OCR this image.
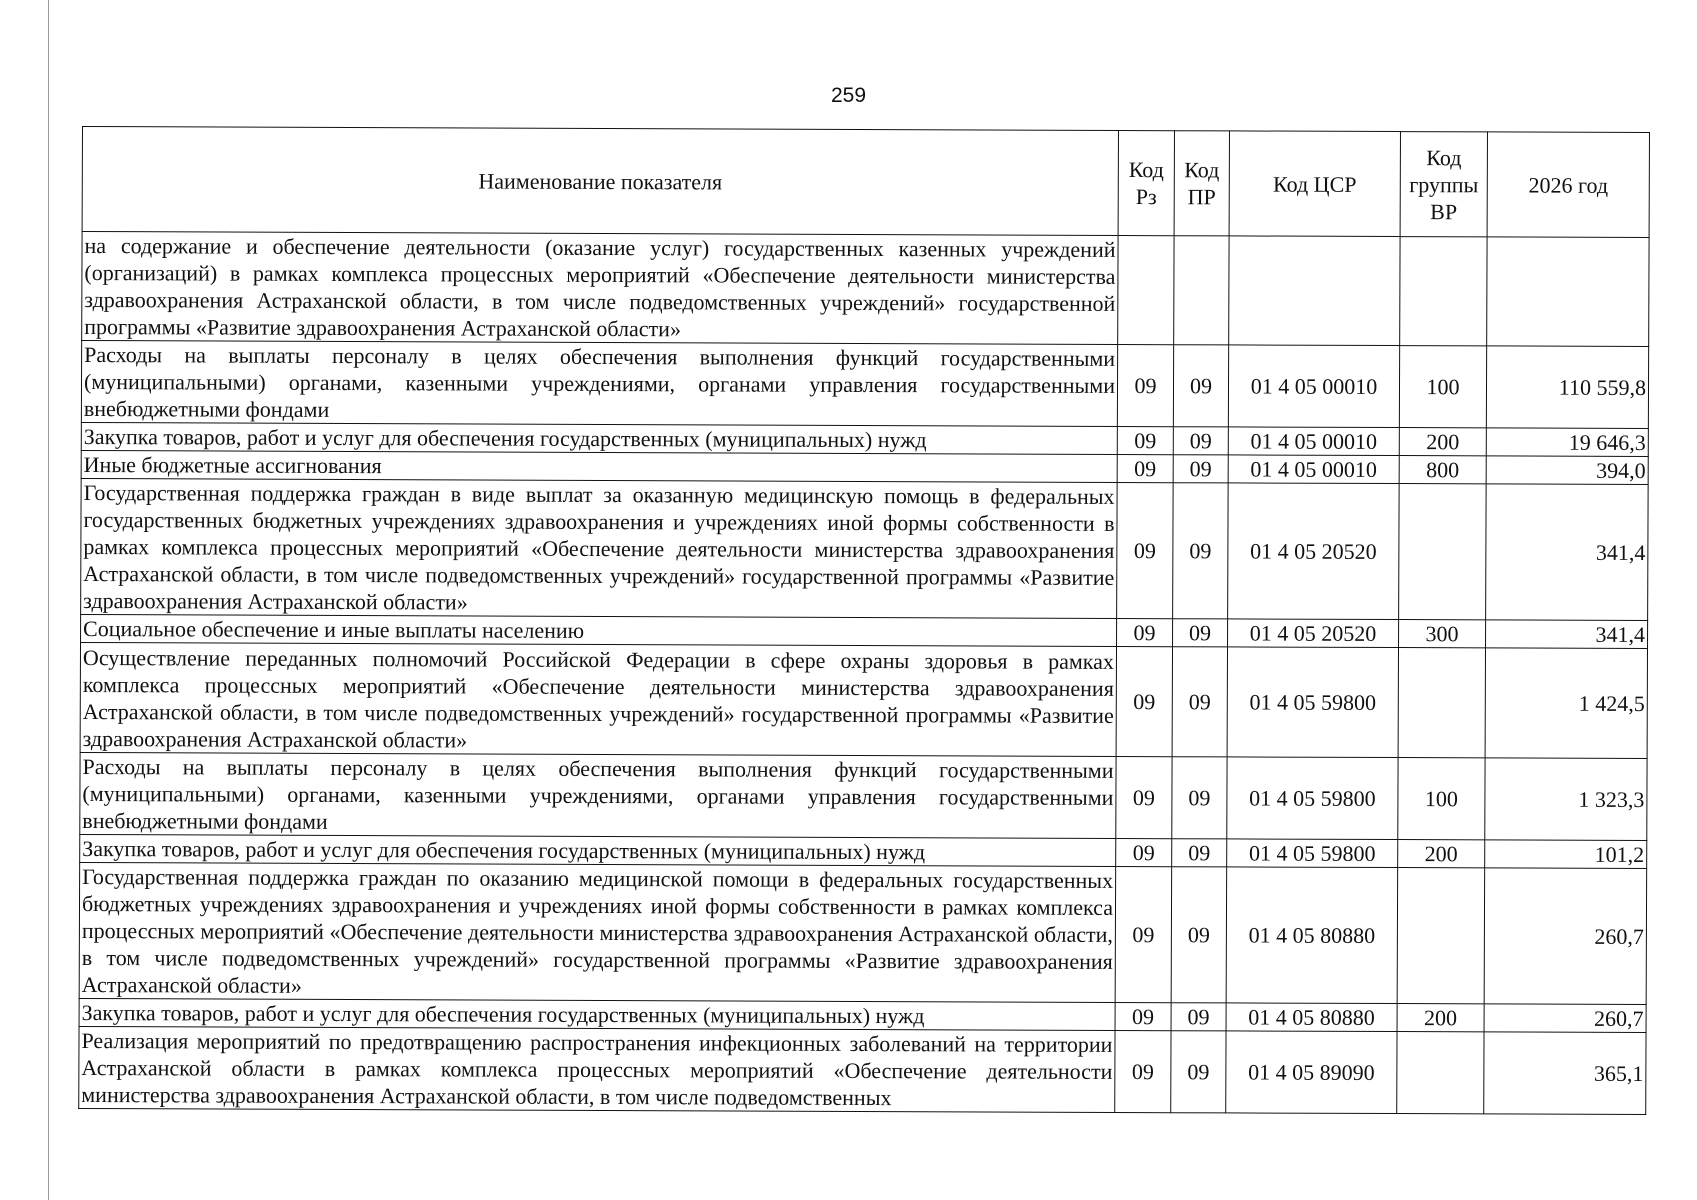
259
Наименование показателя	Код Рз	Код ПР	Код ЦСР	Код группы ВР	2026 год
на содержание и обеспечение деятельности (оказание услуг) государственных казенных учреждений (организаций) в рамках комплекса процессных мероприятий «Обеспечение деятельности министерства здравоохранения Астраханской области, в том числе подведомственных учреждений» государственной программы «Развитие здравоохранения Астраханской области»					
Расходы на выплаты персоналу в целях обеспечения выполнения функций государственными (муниципальными) органами, казенными учреждениями, органами управления государственными внебюджетными фондами	09	09	01 4 05 00010	100	110 559,8
Закупка товаров, работ и услуг для обеспечения государственных (муниципальных) нужд	09	09	01 4 05 00010	200	19 646,3
Иные бюджетные ассигнования	09	09	01 4 05 00010	800	394,0
Государственная поддержка граждан в виде выплат за оказанную медицинскую помощь в федеральных государственных бюджетных учреждениях здравоохранения и учреждениях иной формы собственности в рамках комплекса процессных мероприятий «Обеспечение деятельности министерства здравоохранения Астраханской области, в том числе подведомственных учреждений» государственной программы «Развитие здравоохранения Астраханской области»	09	09	01 4 05 20520		341,4
Социальное обеспечение и иные выплаты населению	09	09	01 4 05 20520	300	341,4
Осуществление переданных полномочий Российской Федерации в сфере охраны здоровья в рамках комплекса процессных мероприятий «Обеспечение деятельности министерства здравоохранения Астраханской области, в том числе подведомственных учреждений» государственной программы «Развитие здравоохранения Астраханской области»	09	09	01 4 05 59800		1 424,5
Расходы на выплаты персоналу в целях обеспечения выполнения функций государственными (муниципальными) органами, казенными учреждениями, органами управления государственными внебюджетными фондами	09	09	01 4 05 59800	100	1 323,3
Закупка товаров, работ и услуг для обеспечения государственных (муниципальных) нужд	09	09	01 4 05 59800	200	101,2
Государственная поддержка граждан по оказанию медицинской помощи в федеральных государственных бюджетных учреждениях здравоохранения и учреждениях иной формы собственности в рамках комплекса процессных мероприятий «Обеспечение деятельности министерства здравоохранения Астраханской области, в том числе подведомственных учреждений» государственной программы «Развитие здравоохранения Астраханской области»	09	09	01 4 05 80880		260,7
Закупка товаров, работ и услуг для обеспечения государственных (муниципальных) нужд	09	09	01 4 05 80880	200	260,7
Реализация мероприятий по предотвращению распространения инфекционных заболеваний на территории Астраханской области в рамках комплекса процессных мероприятий «Обеспечение деятельности министерства здравоохранения Астраханской области, в том числе подведомственных	09	09	01 4 05 89090		365,1
